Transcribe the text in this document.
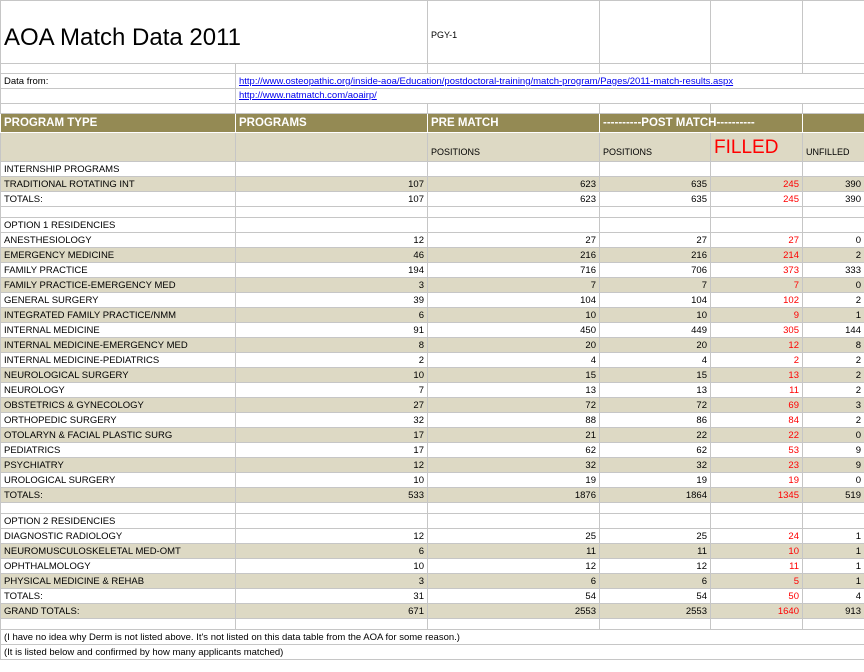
AOA Match Data 2011		PGY-1			

Data from:	http://www.osteopathic.org/inside-aoa/Education/postdoctoral-training/match-program/Pages/2011-match-results.aspx				
	http://www.natmatch.com/aoairp/				

PROGRAM TYPE	PROGRAMS	PRE MATCH	----------POST MATCH----------		
		POSITIONS	POSITIONS	FILLED	UNFILLED
INTERNSHIP PROGRAMS					
TRADITIONAL ROTATING INT	107	623	635	245	390
TOTALS:	107	623	635	245	390

OPTION 1 RESIDENCIES					
ANESTHESIOLOGY	12	27	27	27	0
EMERGENCY MEDICINE	46	216	216	214	2
FAMILY PRACTICE	194	716	706	373	333
FAMILY PRACTICE-EMERGENCY MED	3	7	7	7	0
GENERAL SURGERY	39	104	104	102	2
INTEGRATED FAMILY PRACTICE/NMM	6	10	10	9	1
INTERNAL MEDICINE	91	450	449	305	144
INTERNAL MEDICINE-EMERGENCY MED	8	20	20	12	8
INTERNAL MEDICINE-PEDIATRICS	2	4	4	2	2
NEUROLOGICAL SURGERY	10	15	15	13	2
NEUROLOGY	7	13	13	11	2
OBSTETRICS & GYNECOLOGY	27	72	72	69	3
ORTHOPEDIC SURGERY	32	88	86	84	2
OTOLARYN & FACIAL PLASTIC SURG	17	21	22	22	0
PEDIATRICS	17	62	62	53	9
PSYCHIATRY	12	32	32	23	9
UROLOGICAL SURGERY	10	19	19	19	0
TOTALS:	533	1876	1864	1345	519

OPTION 2 RESIDENCIES					
DIAGNOSTIC RADIOLOGY	12	25	25	24	1
NEUROMUSCULOSKELETAL MED-OMT	6	11	11	10	1
OPHTHALMOLOGY	10	12	12	11	1
PHYSICAL MEDICINE & REHAB	3	6	6	5	1
TOTALS:	31	54	54	50	4
GRAND TOTALS:	671	2553	2553	1640	913

(I have no idea why Derm is not listed above. It's not listed on this data table from the AOA for some reason.)					
(It is listed below and confirmed by how many applicants matched)					
